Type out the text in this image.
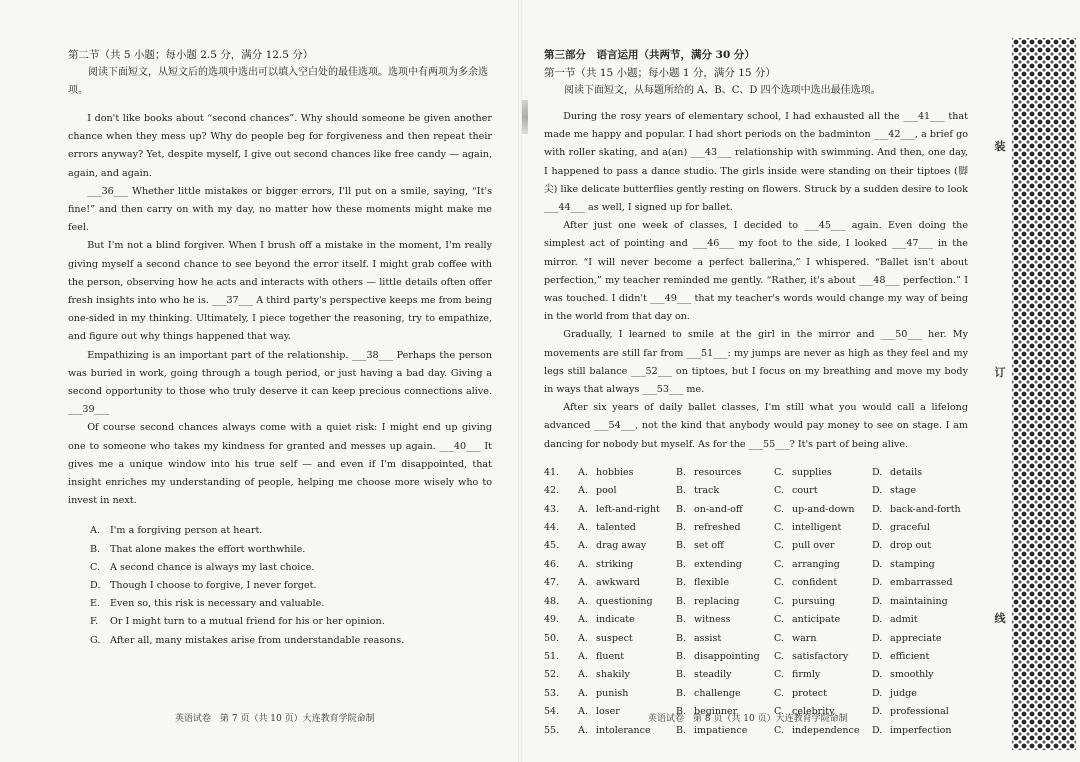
第二节（共 5 小题；每小题 2.5 分，满分 12.5 分）
阅读下面短文，从短文后的选项中选出可以填入空白处的最佳选项。选项中有两项为多余选项。

I don't like books about “second chances”. Why should someone be given another chance when they mess up? Why do people beg for forgiveness and then repeat their errors anyway? Yet, despite myself, I give out second chances like free candy — again, again, and again.

___36___ Whether little mistakes or bigger errors, I'll put on a smile, saying, “It's fine!” and then carry on with my day, no matter how these moments might make me feel.

But I'm not a blind forgiver. When I brush off a mistake in the moment, I'm really giving myself a second chance to see beyond the error itself. I might grab coffee with the person, observing how he acts and interacts with others — little details often offer fresh insights into who he is. ___37___ A third party's perspective keeps me from being one-sided in my thinking. Ultimately, I piece together the reasoning, try to empathize, and figure out why things happened that way.

Empathizing is an important part of the relationship. ___38___ Perhaps the person was buried in work, going through a tough period, or just having a bad day. Giving a second opportunity to those who truly deserve it can keep precious connections alive. ___39___

Of course second chances always come with a quiet risk: I might end up giving one to someone who takes my kindness for granted and messes up again. ___40___ It gives me a unique window into his true self — and even if I'm disappointed, that insight enriches my understanding of people, helping me choose more wisely who to invest in next.

A.	I'm a forgiving person at heart.
B.	That alone makes the effort worthwhile.
C.	A second chance is always my last choice.
D. Though I choose to forgive, I never forget.
E.	Even so, this risk is necessary and valuable.
F.	Or I might turn to a mutual friend for his or her opinion.
G.	After all, many mistakes arise from understandable reasons.
英语试卷　第 7 页（共 10 页）大连教育学院命制
第三部分　语言运用（共两节，满分 30 分）
第一节（共 15 小题；每小题 1 分，满分 15 分）
阅读下面短文，从每题所给的 A、B、C、D 四个选项中选出最佳选项。

During the rosy years of elementary school, I had exhausted all the ___41___ that made me happy and popular. I had short periods on the badminton ___42___, a brief go with roller skating, and a(an) ___43___ relationship with swimming. And then, one day, I happened to pass a dance studio. The girls inside were standing on their tiptoes (脚尖) like delicate butterflies gently resting on flowers. Struck by a sudden desire to look ___44___ as well, I signed up for ballet.

After just one week of classes, I decided to ___45___ again. Even doing the simplest act of pointing and ___46___ my foot to the side, I looked ___47___ in the mirror. “I will never become a perfect ballerina,” I whispered. “Ballet isn't about perfection,” my teacher reminded me gently. “Rather, it's about ___48___ perfection.” I was touched. I didn't ___49___ that my teacher's words would change my way of being in the world from that day on.

Gradually, I learned to smile at the girl in the mirror and ___50___ her. My movements are still far from ___51___: my jumps are never as high as they feel and my legs still balance ___52___ on tiptoes, but I focus on my breathing and move my body in ways that always ___53___ me.

After six years of daily ballet classes, I'm still what you would call a lifelong advanced ___54___, not the kind that anybody would pay money to see on stage. I am dancing for nobody but myself. As for the ___55___? It's part of being alive.

41.	A. hobbies	B. resources	C. supplies	D. details
42.	A. pool	B. track	C. court	D. stage
43.	A. left-and-right B. on-and-off	C. up-and-down D. back-and-forth
44.	A. talented	B. refreshed	C. intelligent	D. graceful
45.	A. drag away	B. set off	C. pull over	D. drop out
46.	A. striking	B. extending	C. arranging	D. stamping
47.	A. awkward	B. flexible	C. confident	D. embarrassed
48.	A. questioning B. replacing	C. pursuing	D. maintaining
49.	A. indicate	B. witness	C. anticipate	D. admit
50.	A. suspect	B. assist	C. warn	D. appreciate
51.	A. fluent	B. disappointing C. satisfactory	D. efficient
52.	A. shakily	B. steadily	C. firmly	D. smoothly
53.	A. punish	B. challenge	C. protect	D. judge
54.	A. loser	B. beginner	C. celebrity	D. professional
55.	A. intolerance	B. impatience	C. independence D. imperfection
英语试卷　第 8 页（共 10 页）大连教育学院命制
装
订
线
